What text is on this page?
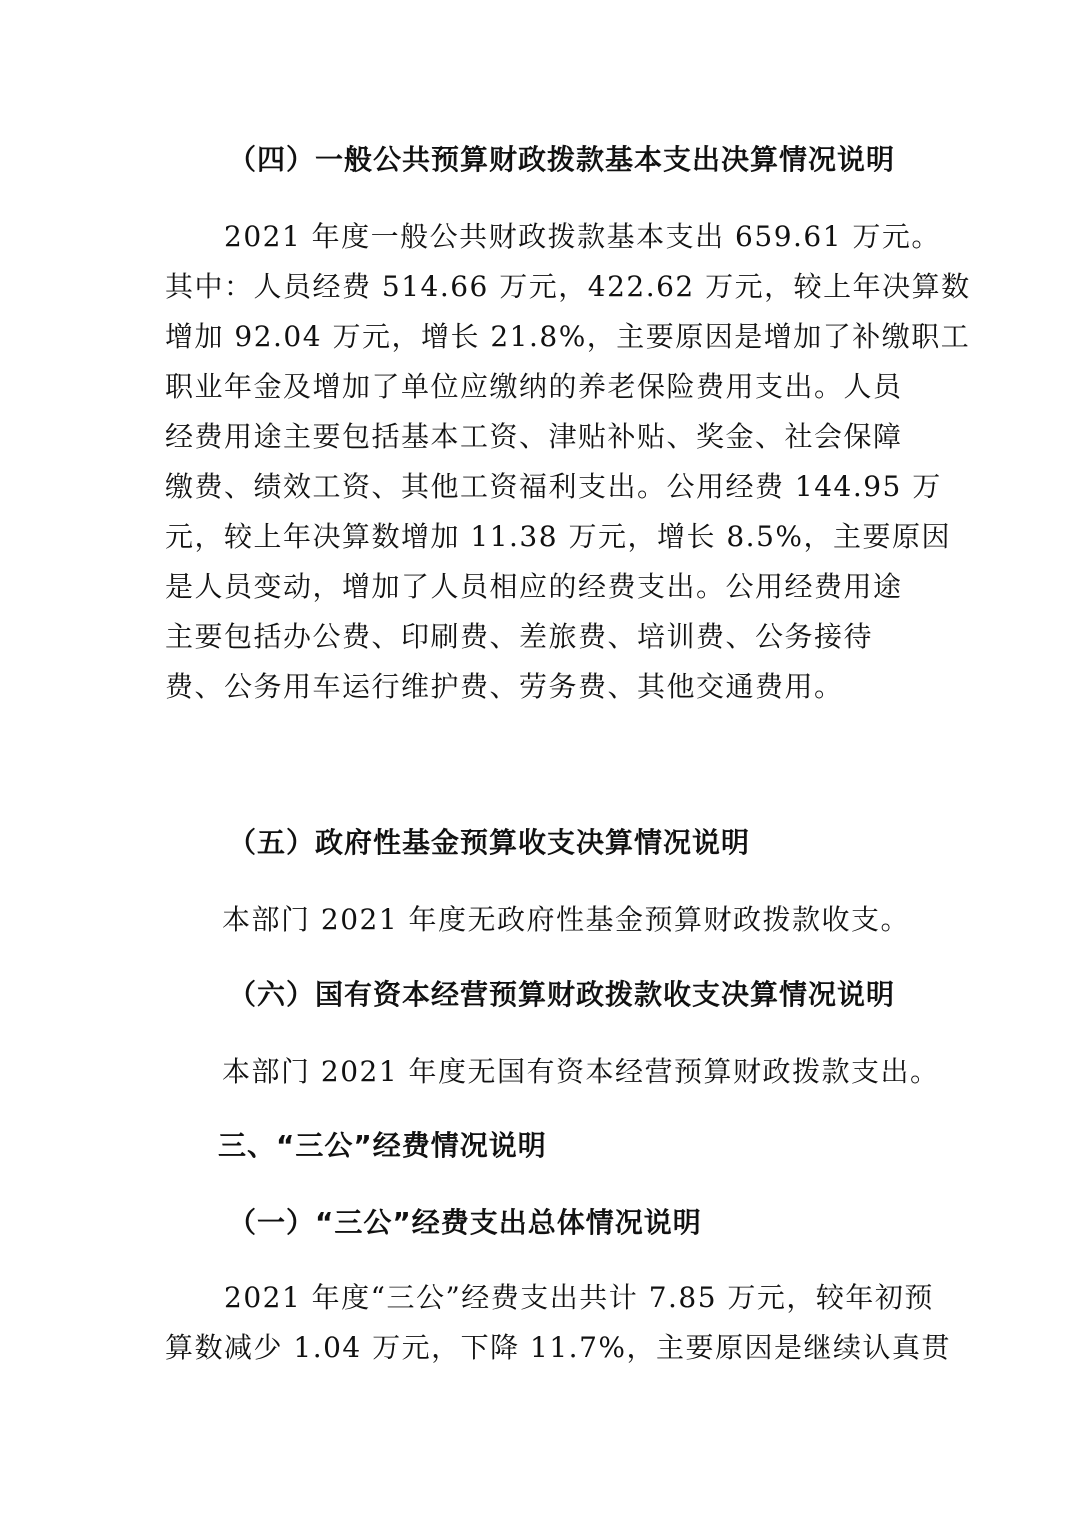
（四）一般公共预算财政拨款基本支出决算情况说明
　　2021 年度一般公共财政拨款基本支出 659.61 万元。
其中：人员经费 514.66 万元，422.62 万元，较上年决算数
增加 92.04 万元，增长 21.8%，主要原因是增加了补缴职工
职业年金及增加了单位应缴纳的养老保险费用支出。人员
经费用途主要包括基本工资、津贴补贴、奖金、社会保障
缴费、绩效工资、其他工资福利支出。公用经费 144.95 万
元，较上年决算数增加 11.38 万元，增长 8.5%，主要原因
是人员变动，增加了人员相应的经费支出。公用经费用途
主要包括办公费、印刷费、差旅费、培训费、公务接待
费、公务用车运行维护费、劳务费、其他交通费用。
（五）政府性基金预算收支决算情况说明
本部门 2021 年度无政府性基金预算财政拨款收支。
（六）国有资本经营预算财政拨款收支决算情况说明
本部门 2021 年度无国有资本经营预算财政拨款支出。
三、“三公”经费情况说明
（一）“三公”经费支出总体情况说明
　　2021 年度“三公”经费支出共计 7.85 万元，较年初预
算数减少 1.04 万元，下降 11.7%，主要原因是继续认真贯
